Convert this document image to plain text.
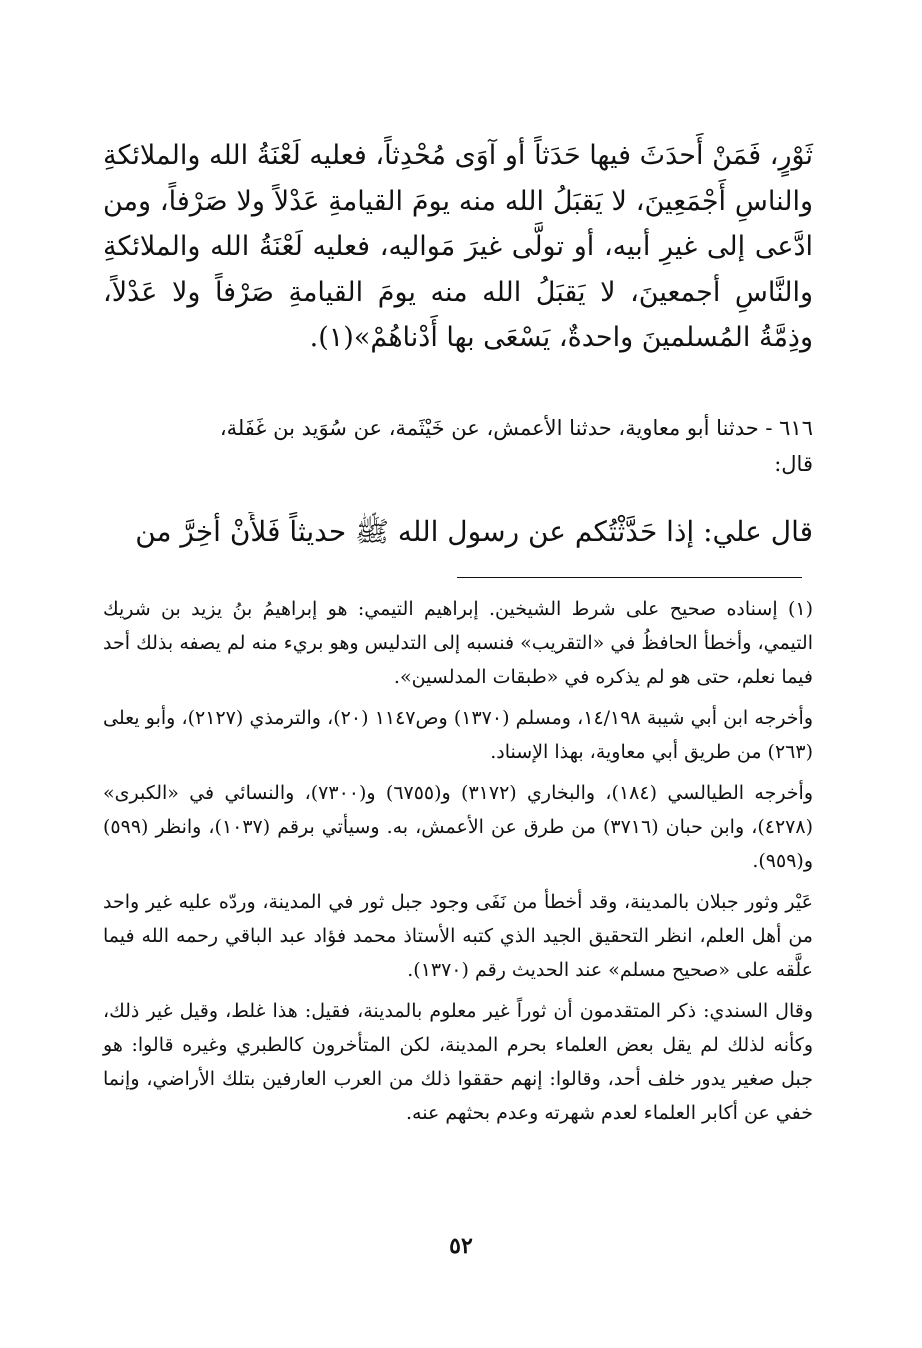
ثَوْرٍ، فَمَنْ أَحدَثَ فيها حَدَثاً أو آوَى مُحْدِثاً، فعليه لَعْنَةُ الله والملائكةِ والناسِ أَجْمَعِينَ، لا يَقبَلُ الله منه يومَ القيامةِ عَدْلاً ولا صَرْفاً، ومن ادَّعى إلى غيرِ أبيه، أو تولَّى غيرَ مَواليه، فعليه لَعْنَةُ الله والملائكةِ والنَّاسِ أجمعينَ، لا يَقبَلُ الله منه يومَ القيامةِ صَرْفاً ولا عَدْلاً، وذِمَّةُ المُسلمينَ واحدةٌ، يَسْعَى بها أَدْناهُمْ»(١).

٦١٦ - حدثنا أبو معاوية، حدثنا الأعمش، عن خَيْثَمة، عن سُوَيد بن غَفَلة،

قال:

قال علي: إذا حَدَّثْتُكم عن رسول الله ﷺ حديثاً فَلأَنْ أَخِرَّ من

(١) إسناده صحيح على شرط الشيخين. إبراهيم التيمي: هو إبراهيمُ بنُ يزيد بن شريك التيمي، وأخطأ الحافظُ في «التقريب» فنسبه إلى التدليس وهو بريء منه لم يصفه بذلك أحد فيما نعلم، حتى هو لم يذكره في «طبقات المدلسين».

وأخرجه ابن أبي شيبة ١٤/١٩٨، ومسلم (١٣٧٠) وص١١٤٧ (٢٠)، والترمذي (٢١٢٧)، وأبو يعلى (٢٦٣) من طريق أبي معاوية، بهذا الإسناد.

وأخرجه الطيالسي (١٨٤)، والبخاري (٣١٧٢) و(٦٧٥٥) و(٧٣٠٠)، والنسائي في «الكبرى» (٤٢٧٨)، وابن حبان (٣٧١٦) من طرق عن الأعمش، به. وسيأتي برقم (١٠٣٧)، وانظر (٥٩٩) و(٩٥٩).

عَيْر وثور جبلان بالمدينة، وقد أخطأ من نَفَى وجود جبل ثور في المدينة، وردّه عليه غير واحد من أهل العلم، انظر التحقيق الجيد الذي كتبه الأستاذ محمد فؤاد عبد الباقي رحمه الله فيما علَّقه على «صحيح مسلم» عند الحديث رقم (١٣٧٠).

وقال السندي: ذكر المتقدمون أن ثوراً غير معلوم بالمدينة، فقيل: هذا غلط، وقيل غير ذلك، وكأنه لذلك لم يقل بعض العلماء بحرم المدينة، لكن المتأخرون كالطبري وغيره قالوا: هو جبل صغير يدور خلف أحد، وقالوا: إنهم حققوا ذلك من العرب العارفين بتلك الأراضي، وإنما خفي عن أكابر العلماء لعدم شهرته وعدم بحثهم عنه.

٥٢
